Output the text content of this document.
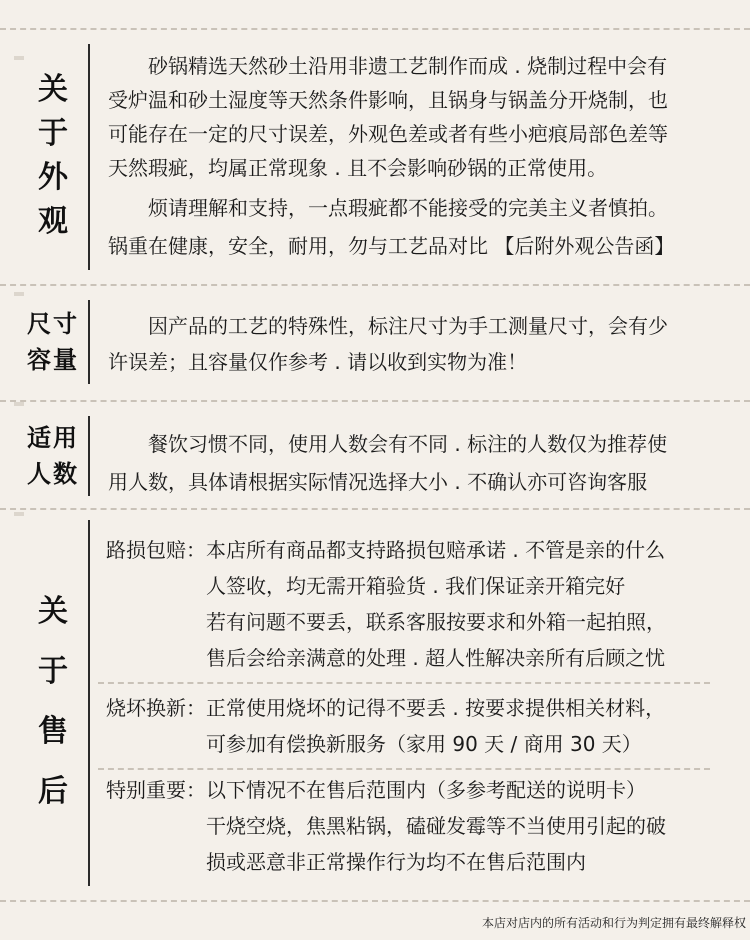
关
于
外
观
砂锅精选天然砂土沿用非遗工艺制作而成 . 烧制过程中会有
受炉温和砂土湿度等天然条件影响，且锅身与锅盖分开烧制，也
可能存在一定的尺寸误差，外观色差或者有些小疤痕局部色差等
天然瑕疵，均属正常现象 . 且不会影响砂锅的正常使用。
烦请理解和支持，一点瑕疵都不能接受的完美主义者慎拍。
锅重在健康，安全，耐用，勿与工艺品对比 【后附外观公告函】
尺寸
容量
因产品的工艺的特殊性，标注尺寸为手工测量尺寸，会有少
许误差；且容量仅作参考 . 请以收到实物为准！
适用
人数
餐饮习惯不同，使用人数会有不同 . 标注的人数仅为推荐使
用人数，具体请根据实际情况选择大小 . 不确认亦可咨询客服
关
于
售
后
路损包赔： 本店所有商品都支持路损包赔承诺 . 不管是亲的什么
人签收，均无需开箱验货 . 我们保证亲开箱完好
若有问题不要丢，联系客服按要求和外箱一起拍照，
售后会给亲满意的处理 . 超人性解决亲所有后顾之忧
烧坏换新： 正常使用烧坏的记得不要丢 . 按要求提供相关材料，
可参加有偿换新服务（家用 90 天 / 商用 30 天）
特别重要： 以下情况不在售后范围内（多参考配送的说明卡）
干烧空烧，焦黑粘锅，磕碰发霉等不当使用引起的破
损或恶意非正常操作行为均不在售后范围内
本店对店内的所有活动和行为判定拥有最终解释权
